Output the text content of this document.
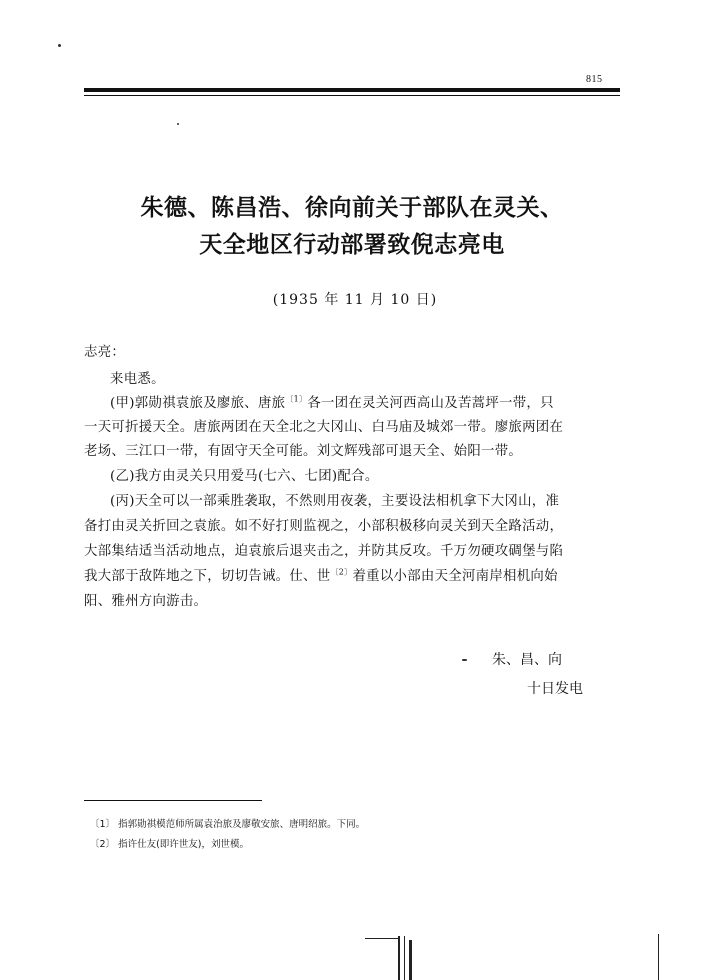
815
朱德、陈昌浩、徐向前关于部队在灵关、
天全地区行动部署致倪志亮电
(1935 年 11 月 10 日)
志亮：
来电悉。
(甲)郭勋祺袁旅及廖旅、唐旅$^{〔1〕}$各一团在灵关河西高山及苦蒿坪一带，只
一天可折援天全。唐旅两团在天全北之大冈山、白马庙及城郊一带。廖旅两团在
老场、三江口一带，有固守天全可能。刘文辉残部可退天全、始阳一带。
(乙)我方由灵关只用爱马(七六、七团)配合。
(丙)天全可以一部乘胜袭取，不然则用夜袭，主要设法相机拿下大冈山，准
备打由灵关折回之袁旅。如不好打则监视之，小部积极移向灵关到天全路活动，
大部集结适当活动地点，迫袁旅后退夹击之，并防其反攻。千万勿硬攻碉堡与陷
我大部于敌阵地之下，切切告诫。仕、世$^{〔2〕}$着重以小部由天全河南岸相机向始
阳、雅州方向游击。
朱、昌、向
十日发电
〔1〕 指郭勋祺模范师所属袁治旅及廖敬安旅、唐明绍旅。下同。
〔2〕 指许仕友(即许世友)，刘世模。
